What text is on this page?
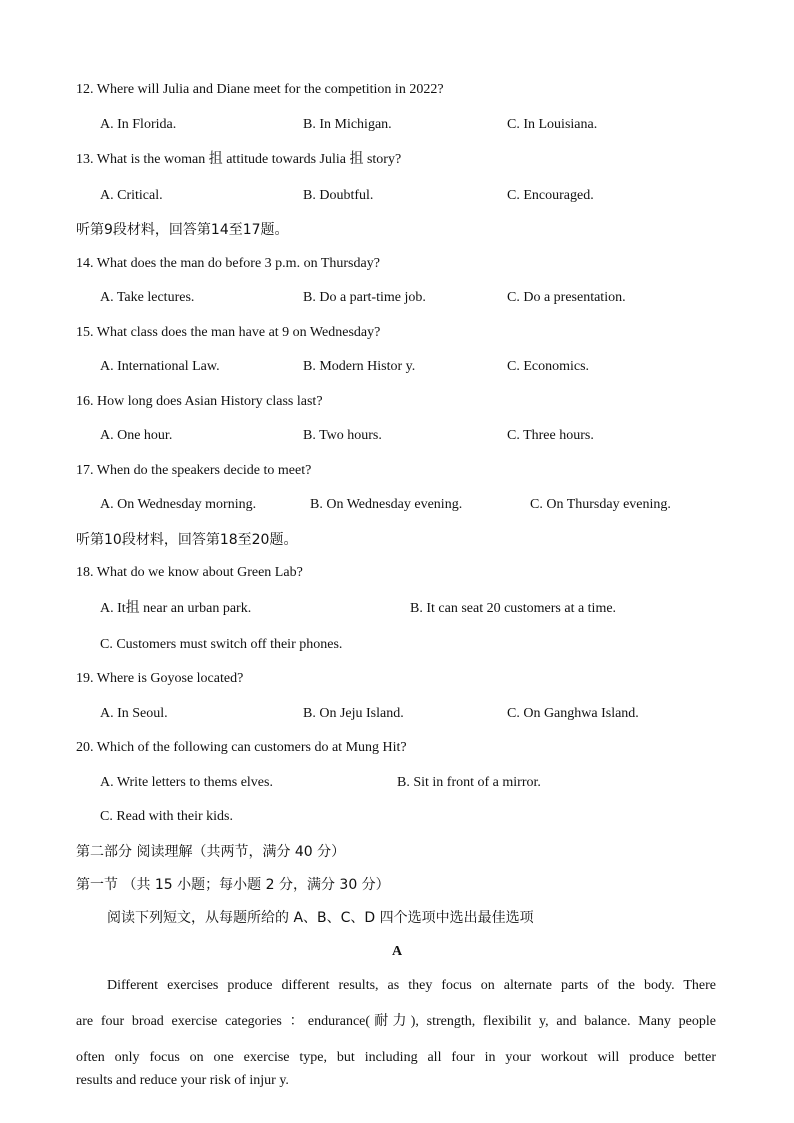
12. Where will Julia and Diane meet for the competition in 2022?
A. In Florida.	B. In Michigan.	C. In Louisiana.
13. What is the woman 抯 attitude towards Julia 抯 story?
A. Critical.	B. Doubtful.	C. Encouraged.
听第9段材料，回答第14至17题。
14. What does the man do before 3 p.m. on Thursday?
A. Take lectures.	B. Do a part-time job.	C. Do a presentation.
15. What class does the man have at 9 on Wednesday?
A. International Law.	B. Modern Histor y.	C. Economics.
16. How long does Asian History class last?
A. One hour.	B. Two hours.	C. Three hours.
17. When do the speakers decide to meet?
A. On Wednesday morning.	B. On Wednesday evening.	C. On Thursday evening.
听第10段材料，回答第18至20题。
18. What do we know about Green Lab?
A. It抯 near an urban park.	B. It can seat 20 customers at a time.
C. Customers must switch off their phones.
19. Where is Goyose located?
A. In Seoul.	B. On Jeju Island.	C. On Ganghwa Island.
20. Which of the following can customers do at Mung Hit?
A. Write letters to thems elves.	B. Sit in front of a mirror.
C. Read with their kids.
第二部分 阅读理解（共两节，满分 40 分）
第一节 （共 15 小题；每小题 2 分，满分 30 分）
阅读下列短文，从每题所给的 A、B、C、D 四个选项中选出最佳选项
A
Different exercises produce different results, as they focus on alternate parts of the body. There
are four broad exercise categories ：endurance(耐力), strength, flexibilit y, and balance. Many people
often only focus on one exercise type, but including all four in your workout will produce better
results and reduce your risk of injur y.
